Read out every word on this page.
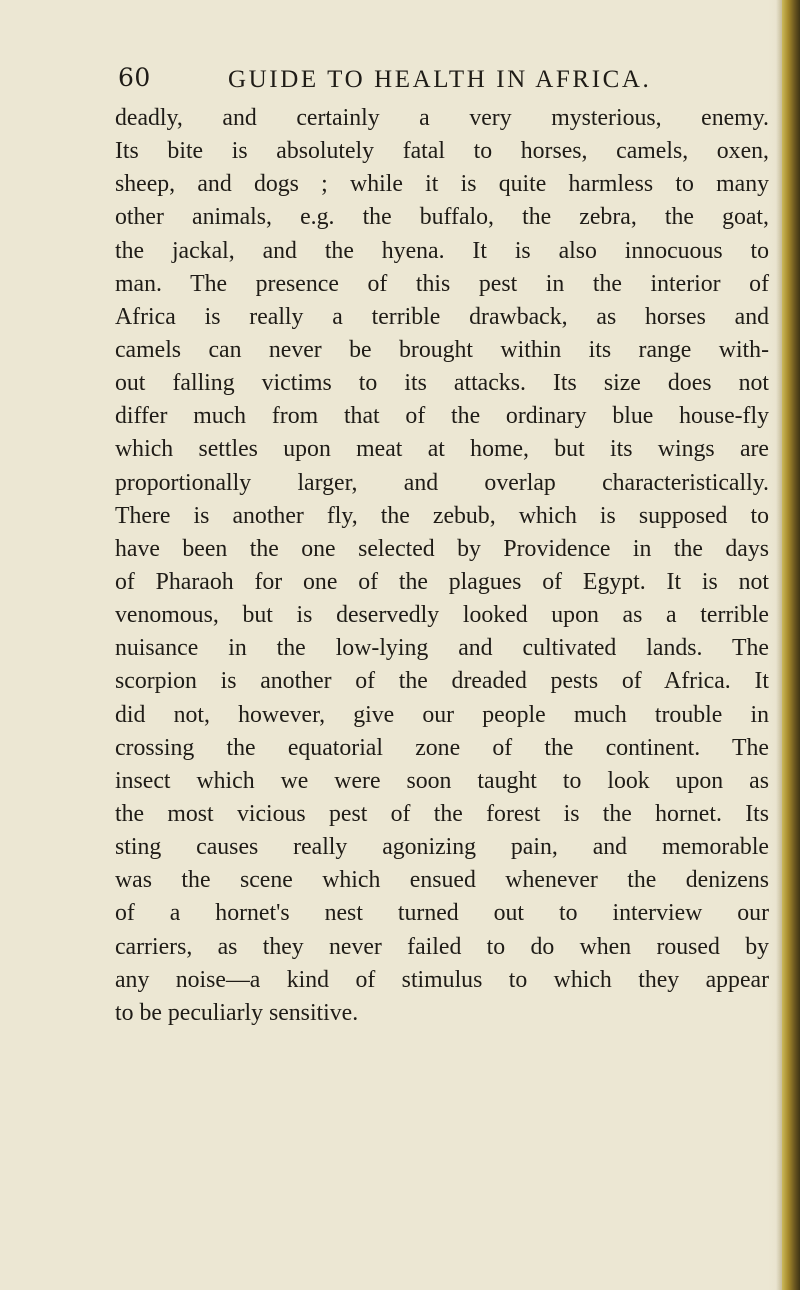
60	GUIDE TO HEALTH IN AFRICA.
deadly, and certainly a very mysterious, enemy.
Its bite is absolutely fatal to horses, camels, oxen,
sheep, and dogs ; while it is quite harmless to many
other animals, e.g. the buffalo, the zebra, the goat,
the jackal, and the hyena. It is also innocuous to
man. The presence of this pest in the interior of
Africa is really a terrible drawback, as horses and
camels can never be brought within its range with-
out falling victims to its attacks. Its size does not
differ much from that of the ordinary blue house-fly
which settles upon meat at home, but its wings are
proportionally larger, and overlap characteristically.
There is another fly, the zebub, which is supposed to
have been the one selected by Providence in the days
of Pharaoh for one of the plagues of Egypt. It is not
venomous, but is deservedly looked upon as a terrible
nuisance in the low-lying and cultivated lands. The
scorpion is another of the dreaded pests of Africa. It
did not, however, give our people much trouble in
crossing the equatorial zone of the continent. The
insect which we were soon taught to look upon as
the most vicious pest of the forest is the hornet. Its
sting causes really agonizing pain, and memorable
was the scene which ensued whenever the denizens
of a hornet's nest turned out to interview our
carriers, as they never failed to do when roused by
any noise—a kind of stimulus to which they appear
to be peculiarly sensitive.
